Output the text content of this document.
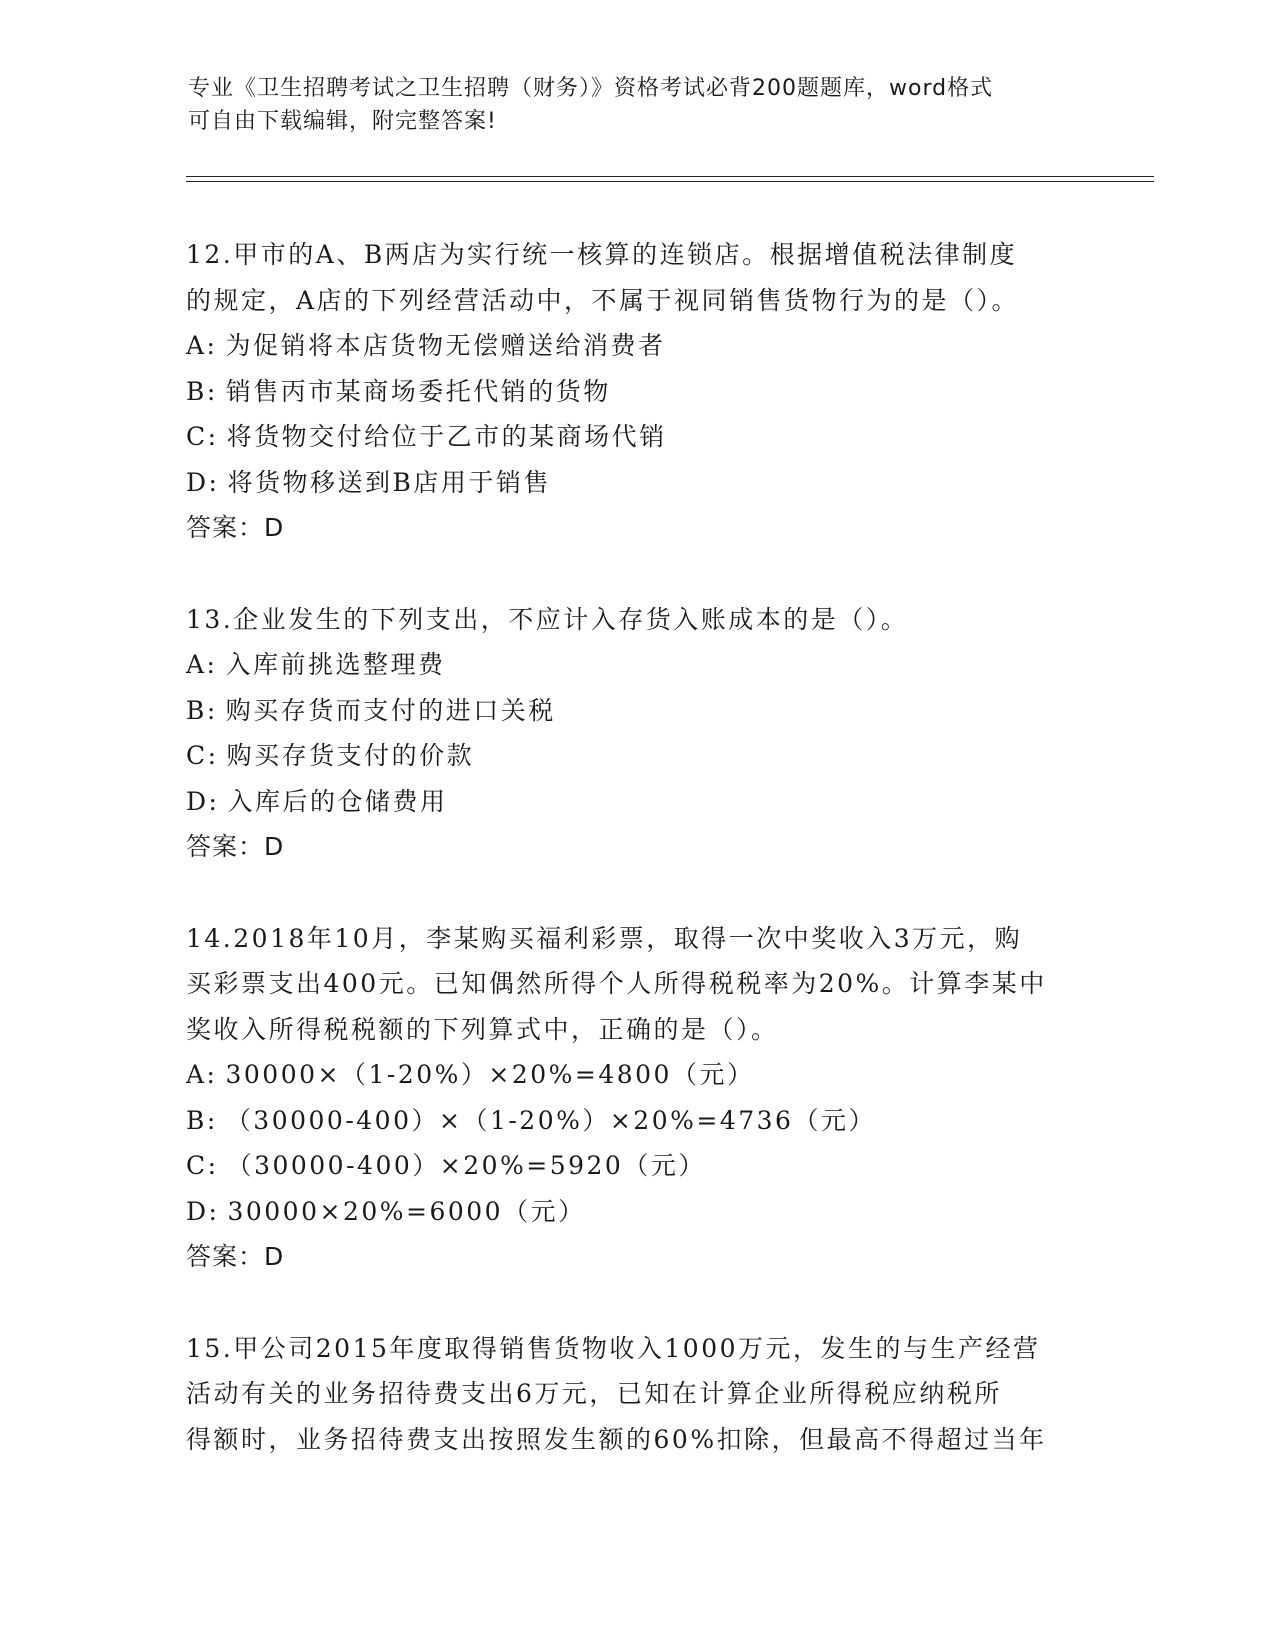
专业《卫生招聘考试之卫生招聘（财务）》资格考试必背200题题库，word格式
可自由下载编辑，附完整答案!
12.甲市的A、B两店为实行统一核算的连锁店。根据增值税法律制度
的规定，A店的下列经营活动中，不属于视同销售货物行为的是（）。
A: 为促销将本店货物无偿赠送给消费者
B: 销售丙市某商场委托代销的货物
C: 将货物交付给位于乙市的某商场代销
D: 将货物移送到B店用于销售
答案：D
13.企业发生的下列支出，不应计入存货入账成本的是（）。
A: 入库前挑选整理费
B: 购买存货而支付的进口关税
C: 购买存货支付的价款
D: 入库后的仓储费用
答案：D
14.2018年10月，李某购买福利彩票，取得一次中奖收入3万元，购
买彩票支出400元。已知偶然所得个人所得税税率为20%。计算李某中
奖收入所得税税额的下列算式中，正确的是（）。
A: 30000×（1-20%）×20%=4800（元）
B: （30000-400）×（1-20%）×20%=4736（元）
C: （30000-400）×20%=5920（元）
D: 30000×20%=6000（元）
答案：D
15.甲公司2015年度取得销售货物收入1000万元，发生的与生产经营
活动有关的业务招待费支出6万元，已知在计算企业所得税应纳税所
得额时，业务招待费支出按照发生额的60%扣除，但最高不得超过当年
